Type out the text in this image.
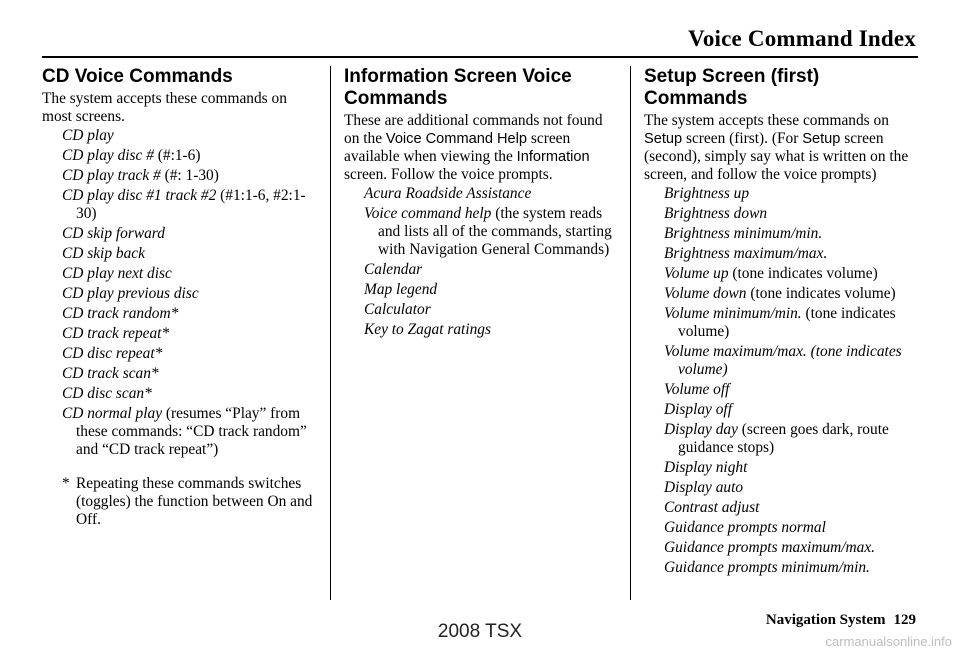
Voice Command Index
CD Voice Commands

The system accepts these commands on most screens.

CD play
CD play disc # (#:1-6)
CD play track # (#: 1-30)
CD play disc #1 track #2 (#1:1-6, #2:1-30)
CD skip forward
CD skip back
CD play next disc
CD play previous disc
CD track random*
CD track repeat*
CD disc repeat*
CD track scan*
CD disc scan*
CD normal play (resumes “Play” from these commands: “CD track random” and “CD track repeat”)

* Repeating these commands switches (toggles) the function between On and Off.

Information Screen Voice Commands

These are additional commands not found on the Voice Command Help screen available when viewing the Information screen. Follow the voice prompts.

Acura Roadside Assistance
Voice command help (the system reads and lists all of the commands, starting with Navigation General Commands)
Calendar
Map legend
Calculator
Key to Zagat ratings
Setup Screen (first) Commands

The system accepts these commands on Setup screen (first). (For Setup screen (second), simply say what is written on the screen, and follow the voice prompts)

Brightness up
Brightness down
Brightness minimum/min.
Brightness maximum/max.
Volume up (tone indicates volume)
Volume down (tone indicates volume)
Volume minimum/min. (tone indicates volume)
Volume maximum/max. (tone indicates volume)
Volume off
Display off
Display day (screen goes dark, route guidance stops)
Display night
Display auto
Contrast adjust
Guidance prompts normal
Guidance prompts maximum/max.
Guidance prompts minimum/min.
Navigation System 129
2008 TSX	carmanualsonline.info
